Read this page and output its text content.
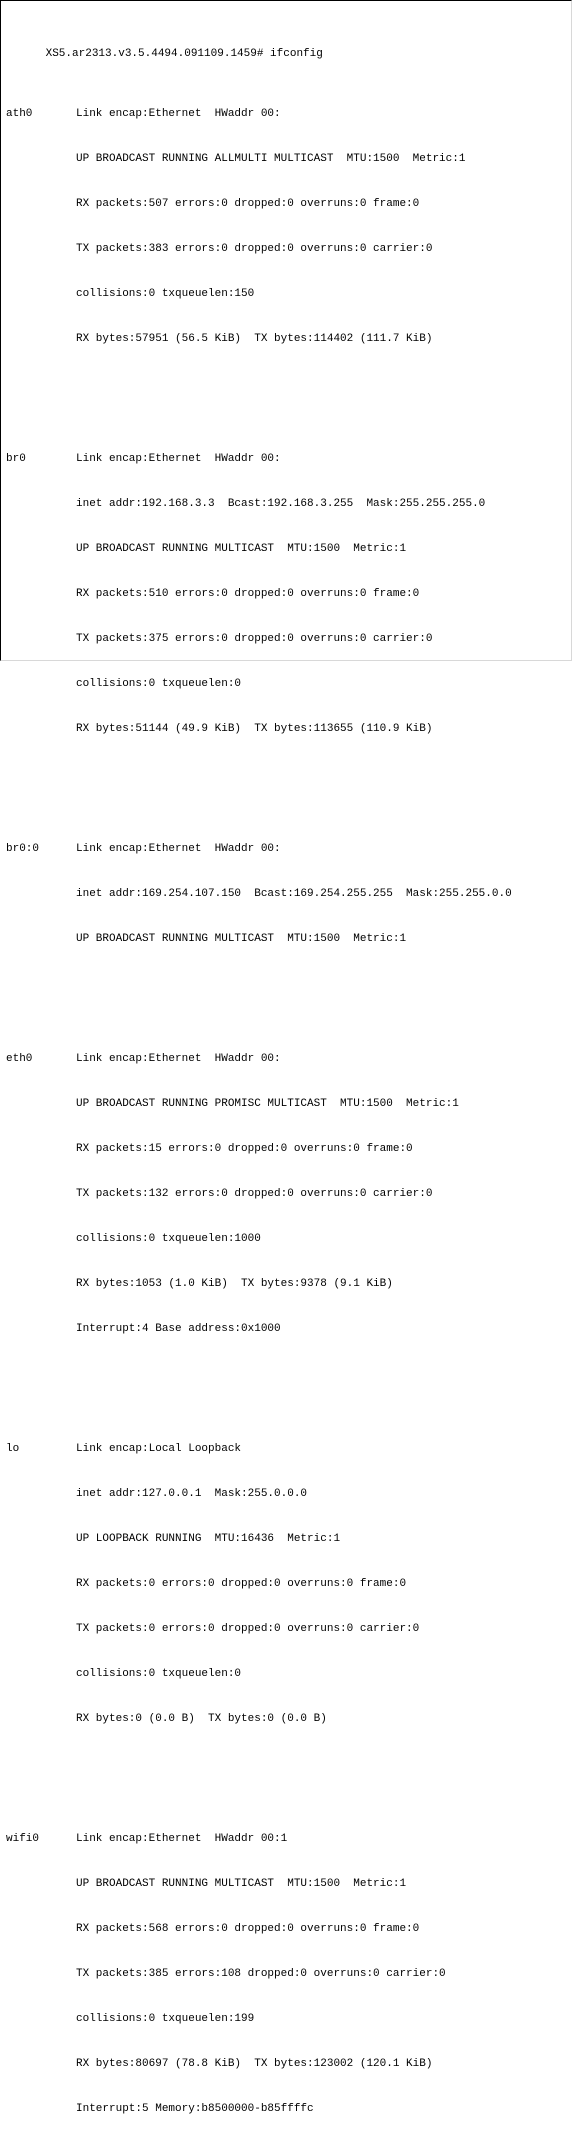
XS5.ar2313.v3.5.4494.091109.1459# ifconfig

ath0

	Link encap:Ethernet  HWaddr 00:

UP BROADCAST RUNNING ALLMULTI MULTICAST  MTU:1500  Metric:1

RX packets:507 errors:0 dropped:0 overruns:0 frame:0

TX packets:383 errors:0 dropped:0 overruns:0 carrier:0

collisions:0 txqueuelen:150

RX bytes:57951 (56.5 KiB)  TX bytes:114402 (111.7 KiB)

br0

	Link encap:Ethernet  HWaddr 00:

inet addr:192.168.3.3  Bcast:192.168.3.255  Mask:255.255.255.0

UP BROADCAST RUNNING MULTICAST  MTU:1500  Metric:1

RX packets:510 errors:0 dropped:0 overruns:0 frame:0

TX packets:375 errors:0 dropped:0 overruns:0 carrier:0

collisions:0 txqueuelen:0

RX bytes:51144 (49.9 KiB)  TX bytes:113655 (110.9 KiB)

br0:0

	Link encap:Ethernet  HWaddr 00:

inet addr:169.254.107.150  Bcast:169.254.255.255  Mask:255.255.0.0

UP BROADCAST RUNNING MULTICAST  MTU:1500  Metric:1

eth0

	Link encap:Ethernet  HWaddr 00:

UP BROADCAST RUNNING PROMISC MULTICAST  MTU:1500  Metric:1

RX packets:15 errors:0 dropped:0 overruns:0 frame:0

TX packets:132 errors:0 dropped:0 overruns:0 carrier:0

collisions:0 txqueuelen:1000

RX bytes:1053 (1.0 KiB)  TX bytes:9378 (9.1 KiB)

Interrupt:4 Base address:0x1000

lo

	Link encap:Local Loopback

inet addr:127.0.0.1  Mask:255.0.0.0

UP LOOPBACK RUNNING  MTU:16436  Metric:1

RX packets:0 errors:0 dropped:0 overruns:0 frame:0

TX packets:0 errors:0 dropped:0 overruns:0 carrier:0

collisions:0 txqueuelen:0

RX bytes:0 (0.0 B)  TX bytes:0 (0.0 B)

wifi0

	Link encap:Ethernet  HWaddr 00:1

UP BROADCAST RUNNING MULTICAST  MTU:1500  Metric:1

RX packets:568 errors:0 dropped:0 overruns:0 frame:0

TX packets:385 errors:108 dropped:0 overruns:0 carrier:0

collisions:0 txqueuelen:199

RX bytes:80697 (78.8 KiB)  TX bytes:123002 (120.1 KiB)

Interrupt:5 Memory:b8500000-b85ffffc
